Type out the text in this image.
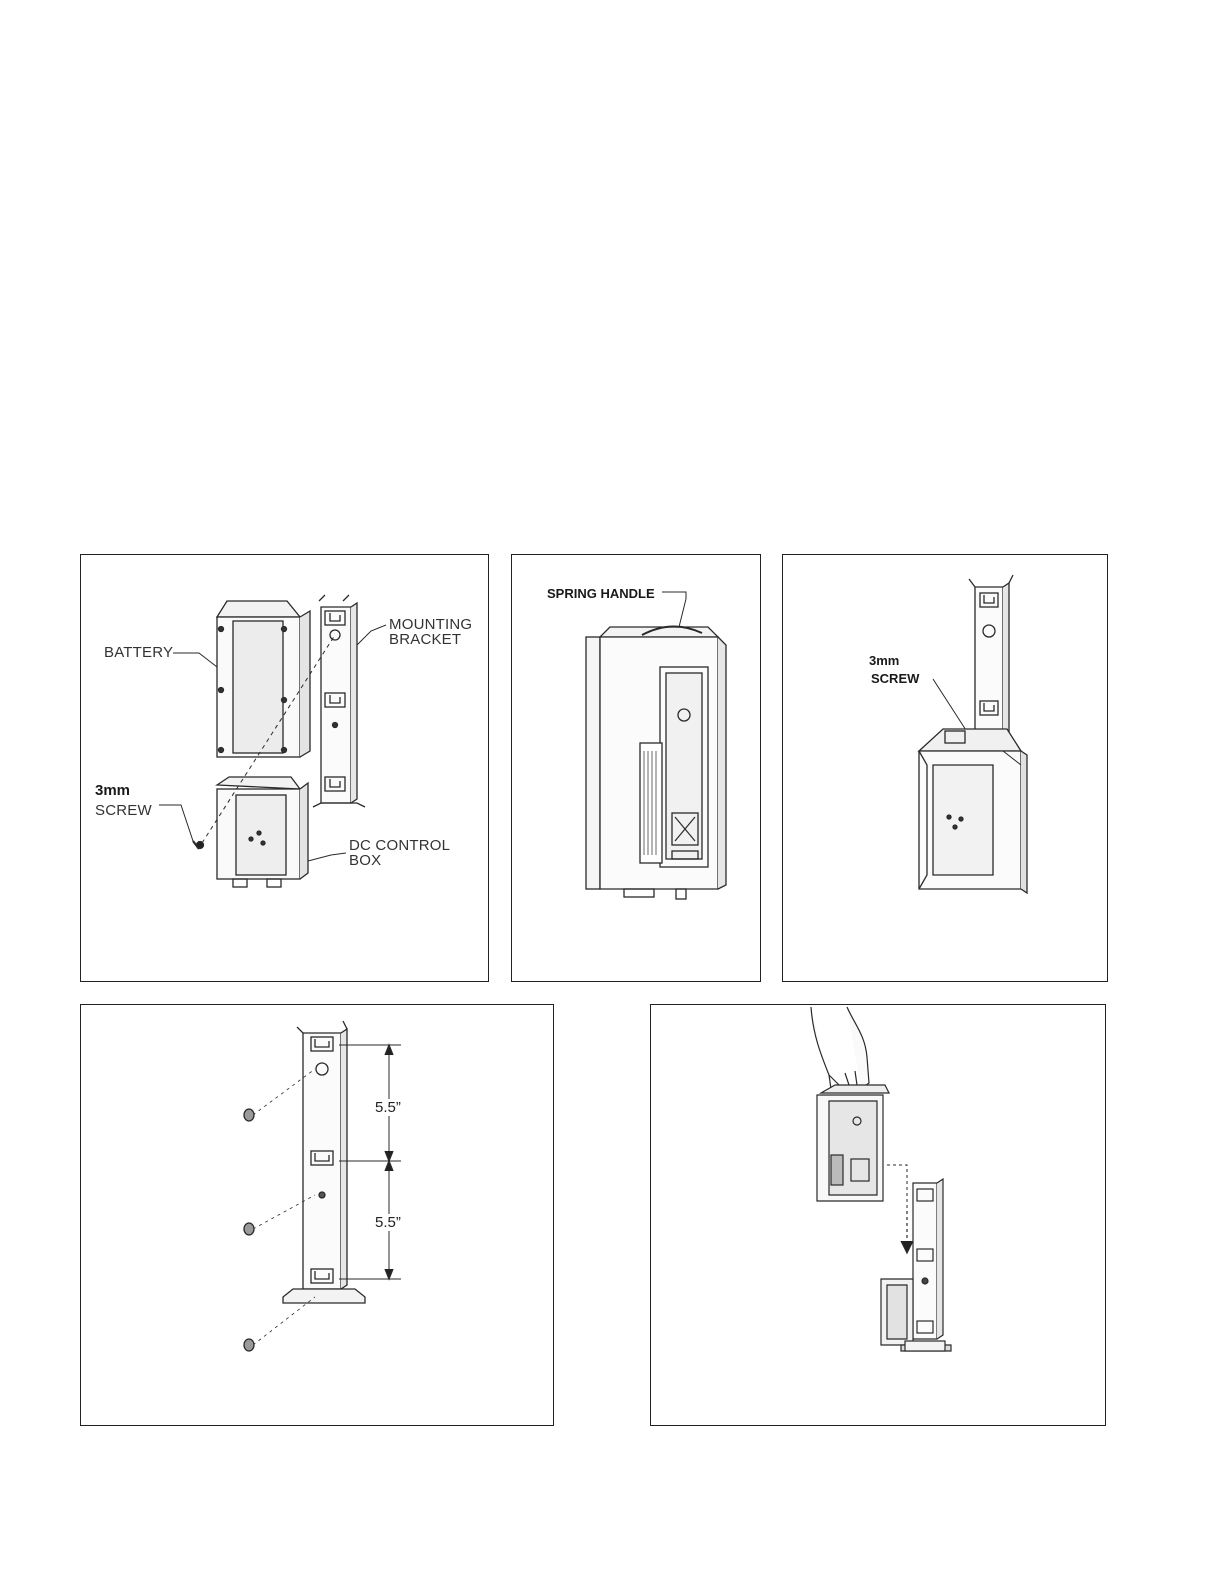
BATTERY
MOUNTING
BRACKET
3mm
SCREW
DC CONTROL
BOX
SPRING HANDLE
3mm
SCREW
5.5”
5.5”
